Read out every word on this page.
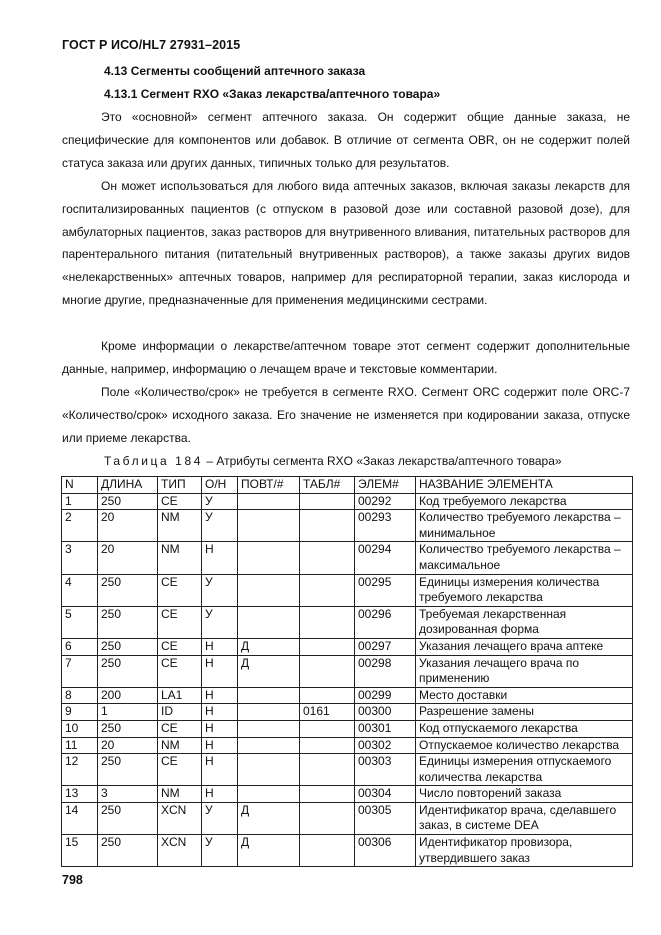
ГОСТ Р ИСО/HL7 27931–2015
4.13 Сегменты сообщений аптечного заказа
4.13.1 Сегмент RXO «Заказ лекарства/аптечного товара»

Это «основной» сегмент аптечного заказа. Он содержит общие данные заказа, не специфические для компонентов или добавок. В отличие от сегмента OBR, он не содержит полей статуса заказа или других данных, типичных только для результатов.

Он может использоваться для любого вида аптечных заказов, включая заказы лекарств для госпитализированных пациентов (с отпуском в разовой дозе или составной разовой дозе), для амбулаторных пациентов, заказ растворов для внутривенного вливания, питательных растворов для парентерального питания (питательный внутривенных растворов), а также заказы других видов «нелекарственных» аптечных товаров, например для респираторной терапии, заказ кислорода и многие другие, предназначенные для применения медицинскими сестрами.

Кроме информации о лекарстве/аптечном товаре этот сегмент содержит дополнительные данные, например, информацию о лечащем враче и текстовые комментарии.

Поле «Количество/срок» не требуется в сегменте RXO. Сегмент ORC содержит поле ORC-7 «Количество/срок» исходного заказа. Его значение не изменяется при кодировании заказа, отпуске или приеме лекарства.

Таблица 184 – Атрибуты сегмента RXO «Заказ лекарства/аптечного товара»
N	ДЛИНА	ТИП	О/Н	ПОВТ/#	ТАБЛ#	ЭЛЕМ#	НАЗВАНИЕ ЭЛЕМЕНТА
1	250	CE	У			00292	Код требуемого лекарства
2	20	NM	У			00293	Количество требуемого лекарства – минимальное
3	20	NM	Н			00294	Количество требуемого лекарства – максимальное
4	250	CE	У			00295	Единицы измерения количества требуемого лекарства
5	250	CE	У			00296	Требуемая лекарственная дозированная форма
6	250	CE	Н	Д		00297	Указания лечащего врача аптеке
7	250	CE	Н	Д		00298	Указания лечащего врача по применению
8	200	LA1	Н			00299	Место доставки
9	1	ID	Н		0161	00300	Разрешение замены
10	250	CE	Н			00301	Код отпускаемого лекарства
11	20	NM	Н			00302	Отпускаемое количество лекарства
12	250	CE	Н			00303	Единицы измерения отпускаемого количества лекарства
13	3	NM	Н			00304	Число повторений заказа
14	250	XCN	У	Д		00305	Идентификатор врача, сделавшего заказ, в системе DEA
15	250	XCN	У	Д		00306	Идентификатор провизора, утвердившего заказ
798
